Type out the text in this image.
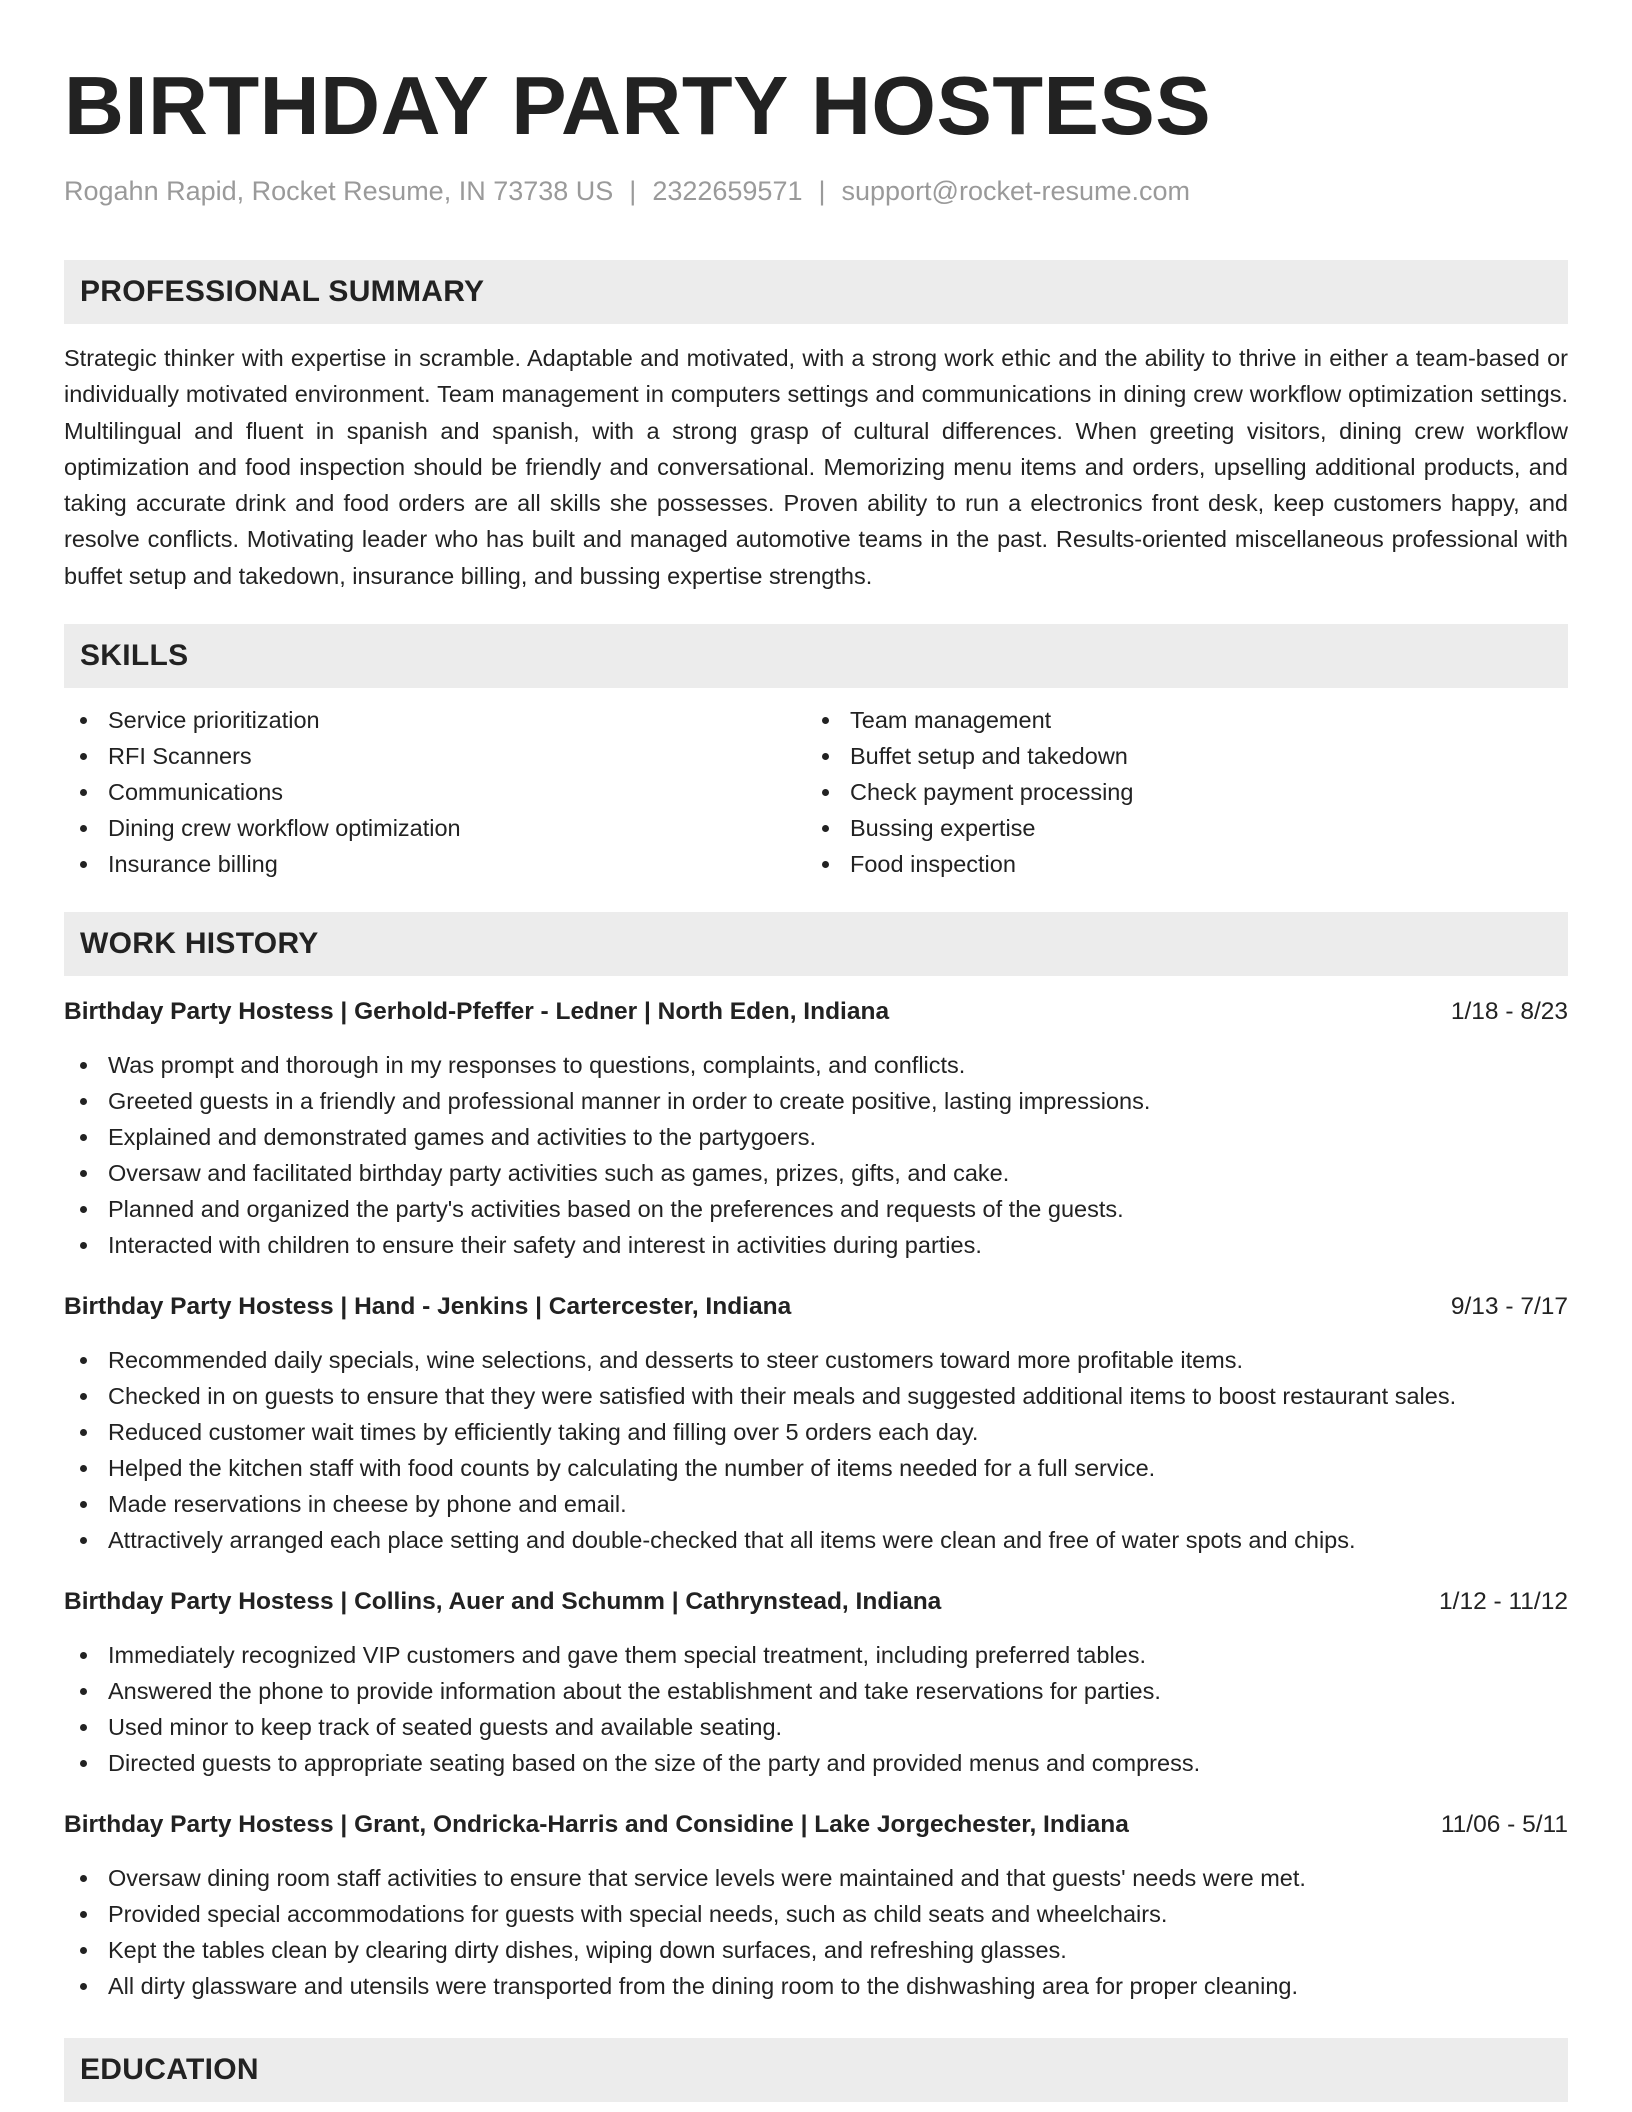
BIRTHDAY PARTY HOSTESS
Rogahn Rapid, Rocket Resume, IN 73738 US | 2322659571 | support@rocket-resume.com
PROFESSIONAL SUMMARY

Strategic thinker with expertise in scramble. Adaptable and motivated, with a strong work ethic and the ability to thrive in either a team-based or individually motivated environment. Team management in computers settings and communications in dining crew workflow optimization settings. Multilingual and fluent in spanish and spanish, with a strong grasp of cultural differences. When greeting visitors, dining crew workflow optimization and food inspection should be friendly and conversational. Memorizing menu items and orders, upselling additional products, and taking accurate drink and food orders are all skills she possesses. Proven ability to run a electronics front desk, keep customers happy, and resolve conflicts. Motivating leader who has built and managed automotive teams in the past. Results-oriented miscellaneous professional with buffet setup and takedown, insurance billing, and bussing expertise strengths.

SKILLS
Service prioritization
RFI Scanners
Communications
Dining crew workflow optimization
Insurance billing
Team management
Buffet setup and takedown
Check payment processing
Bussing expertise
Food inspection
WORK HISTORY
Birthday Party Hostess | Gerhold-Pfeffer - Ledner | North Eden, Indiana	1/18 - 8/23
Was prompt and thorough in my responses to questions, complaints, and conflicts.
Greeted guests in a friendly and professional manner in order to create positive, lasting impressions.
Explained and demonstrated games and activities to the partygoers.
Oversaw and facilitated birthday party activities such as games, prizes, gifts, and cake.
Planned and organized the party's activities based on the preferences and requests of the guests.
Interacted with children to ensure their safety and interest in activities during parties.
Birthday Party Hostess | Hand - Jenkins | Cartercester, Indiana	9/13 - 7/17
Recommended daily specials, wine selections, and desserts to steer customers toward more profitable items.
Checked in on guests to ensure that they were satisfied with their meals and suggested additional items to boost restaurant sales.
Reduced customer wait times by efficiently taking and filling over 5 orders each day.
Helped the kitchen staff with food counts by calculating the number of items needed for a full service.
Made reservations in cheese by phone and email.
Attractively arranged each place setting and double-checked that all items were clean and free of water spots and chips.
Birthday Party Hostess | Collins, Auer and Schumm | Cathrynstead, Indiana	1/12 - 11/12
Immediately recognized VIP customers and gave them special treatment, including preferred tables.
Answered the phone to provide information about the establishment and take reservations for parties.
Used minor to keep track of seated guests and available seating.
Directed guests to appropriate seating based on the size of the party and provided menus and compress.
Birthday Party Hostess | Grant, Ondricka-Harris and Considine | Lake Jorgechester, Indiana	11/06 - 5/11
Oversaw dining room staff activities to ensure that service levels were maintained and that guests' needs were met.
Provided special accommodations for guests with special needs, such as child seats and wheelchairs.
Kept the tables clean by clearing dirty dishes, wiping down surfaces, and refreshing glasses.
All dirty glassware and utensils were transported from the dining room to the dishwashing area for proper cleaning.
EDUCATION
